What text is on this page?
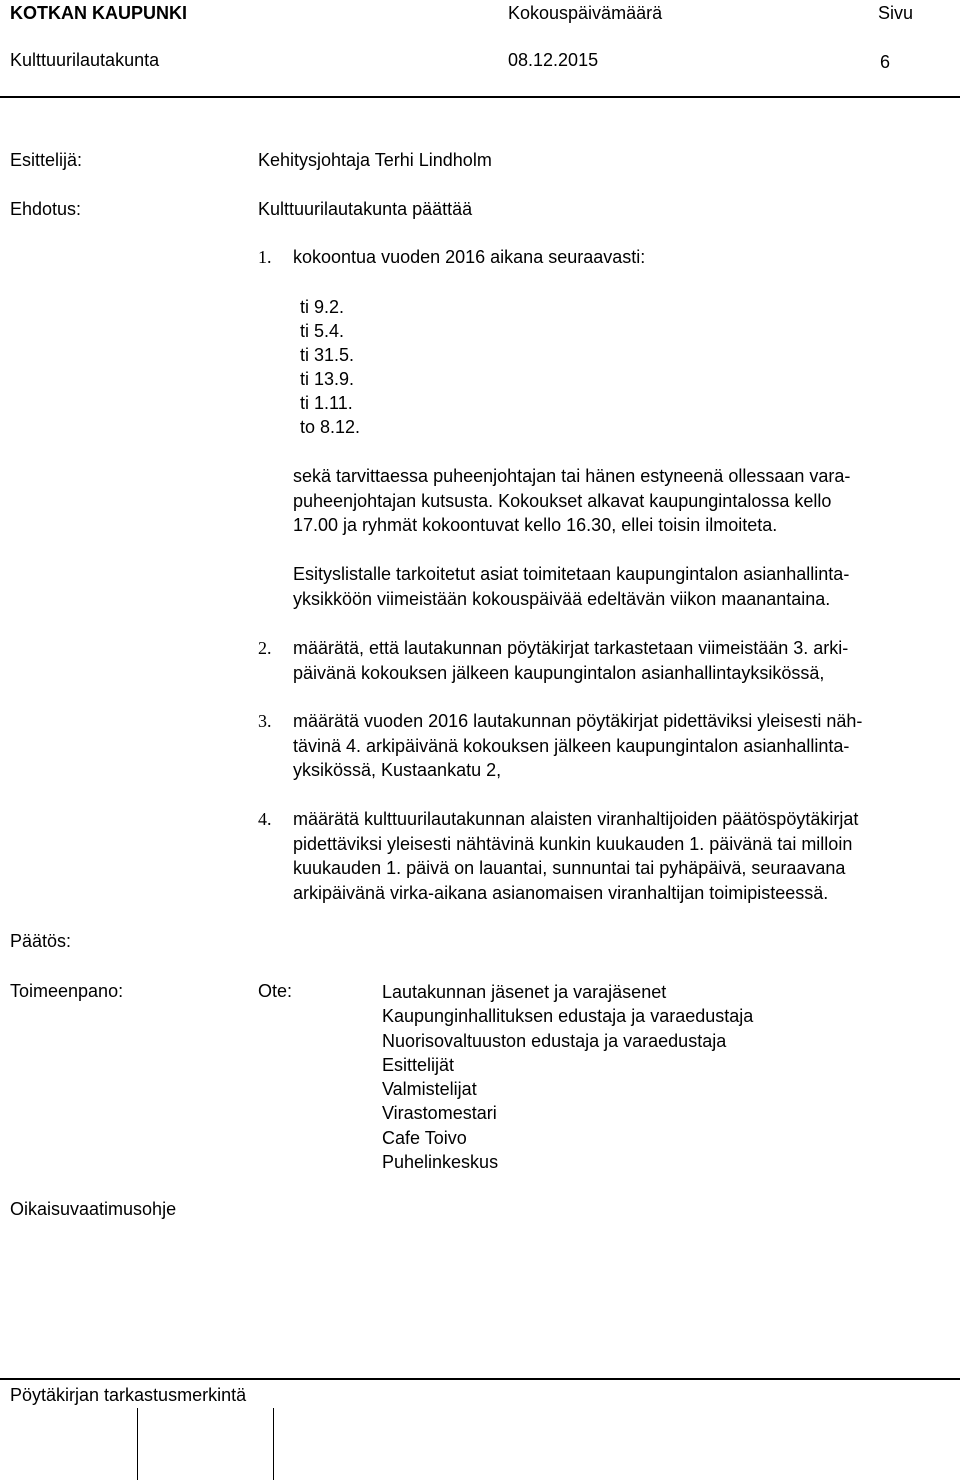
KOTKAN KAUPUNKI	Kokouspäivämäärä	Sivu
Kulttuurilautakunta	08.12.2015	6
Esittelijä:	Kehitysjohtaja Terhi Lindholm
Ehdotus:	Kulttuurilautakunta päättää
1. kokoontua vuoden 2016 aikana seuraavasti:
ti 9.2.
ti 5.4.
ti 31.5.
ti 13.9.
ti 1.11.
to 8.12.
sekä tarvittaessa puheenjohtajan tai hänen estyneenä ollessaan vara-
puheenjohtajan kutsusta. Kokoukset alkavat kaupungintalossa kello
17.00 ja ryhmät kokoontuvat kello 16.30, ellei toisin ilmoiteta.
Esityslistalle tarkoitetut asiat toimitetaan kaupungintalon asianhallinta-
yksikköön viimeistään kokouspäivää edeltävän viikon maanantaina.
2. määrätä, että lautakunnan pöytäkirjat tarkastetaan viimeistään 3. arki-
päivänä kokouksen jälkeen kaupungintalon asianhallintayksikössä,
3. määrätä vuoden 2016 lautakunnan pöytäkirjat pidettäviksi yleisesti näh-
tävinä 4. arkipäivänä kokouksen jälkeen kaupungintalon asianhallinta-
yksikössä, Kustaankatu 2,
4. määrätä kulttuurilautakunnan alaisten viranhaltijoiden päätöspöytäkirjat
pidettäviksi yleisesti nähtävinä kunkin kuukauden 1. päivänä tai milloin
kuukauden 1. päivä on lauantai, sunnuntai tai pyhäpäivä, seuraavana
arkipäivänä virka-aikana asianomaisen viranhaltijan toimipisteessä.
Päätös:
Toimeenpano:	Ote:	Lautakunnan jäsenet ja varajäsenet
Kaupunginhallituksen edustaja ja varaedustaja
Nuorisovaltuuston edustaja ja varaedustaja
Esittelijät
Valmistelijat
Virastomestari
Cafe Toivo
Puhelinkeskus
Oikaisuvaatimusohje
Pöytäkirjan tarkastusmerkintä
